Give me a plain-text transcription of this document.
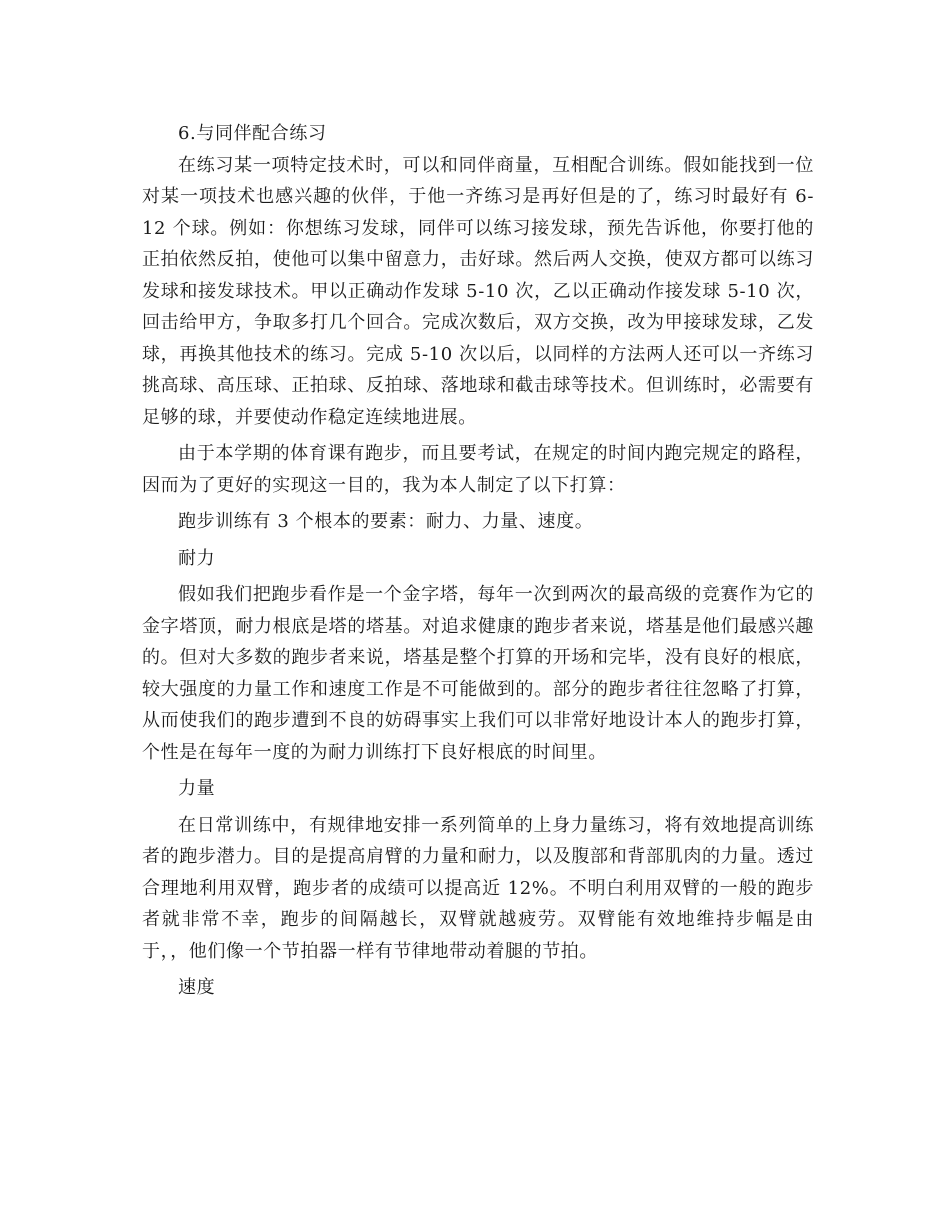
6.与同伴配合练习

在练习某一项特定技术时，可以和同伴商量，互相配合训练。假如能找到一位对某一项技术也感兴趣的伙伴，于他一齐练习是再好但是的了，练习时最好有 6-12 个球。例如：你想练习发球，同伴可以练习接发球，预先告诉他，你要打他的正拍依然反拍，使他可以集中留意力，击好球。然后两人交换，使双方都可以练习发球和接发球技术。甲以正确动作发球 5-10 次，乙以正确动作接发球 5-10 次，回击给甲方，争取多打几个回合。完成次数后，双方交换，改为甲接球发球，乙发球，再换其他技术的练习。完成 5-10 次以后，以同样的方法两人还可以一齐练习挑高球、高压球、正拍球、反拍球、落地球和截击球等技术。但训练时，必需要有足够的球，并要使动作稳定连续地进展。

由于本学期的体育课有跑步，而且要考试，在规定的时间内跑完规定的路程，因而为了更好的实现这一目的，我为本人制定了以下打算：

跑步训练有 3 个根本的要素：耐力、力量、速度。

耐力

假如我们把跑步看作是一个金字塔，每年一次到两次的最高级的竞赛作为它的金字塔顶，耐力根底是塔的塔基。对追求健康的跑步者来说，塔基是他们最感兴趣的。但对大多数的跑步者来说，塔基是整个打算的开场和完毕，没有良好的根底，较大强度的力量工作和速度工作是不可能做到的。部分的跑步者往往忽略了打算，从而使我们的跑步遭到不良的妨碍事实上我们可以非常好地设计本人的跑步打算，个性是在每年一度的为耐力训练打下良好根底的时间里。

力量

在日常训练中，有规律地安排一系列简单的上身力量练习，将有效地提高训练者的跑步潜力。目的是提高肩臂的力量和耐力，以及腹部和背部肌肉的力量。透过合理地利用双臂，跑步者的成绩可以提高近 12%。不明白利用双臂的一般的跑步者就非常不幸，跑步的间隔越长，双臂就越疲劳。双臂能有效地维持步幅是由于，，他们像一个节拍器一样有节律地带动着腿的节拍。

速度
